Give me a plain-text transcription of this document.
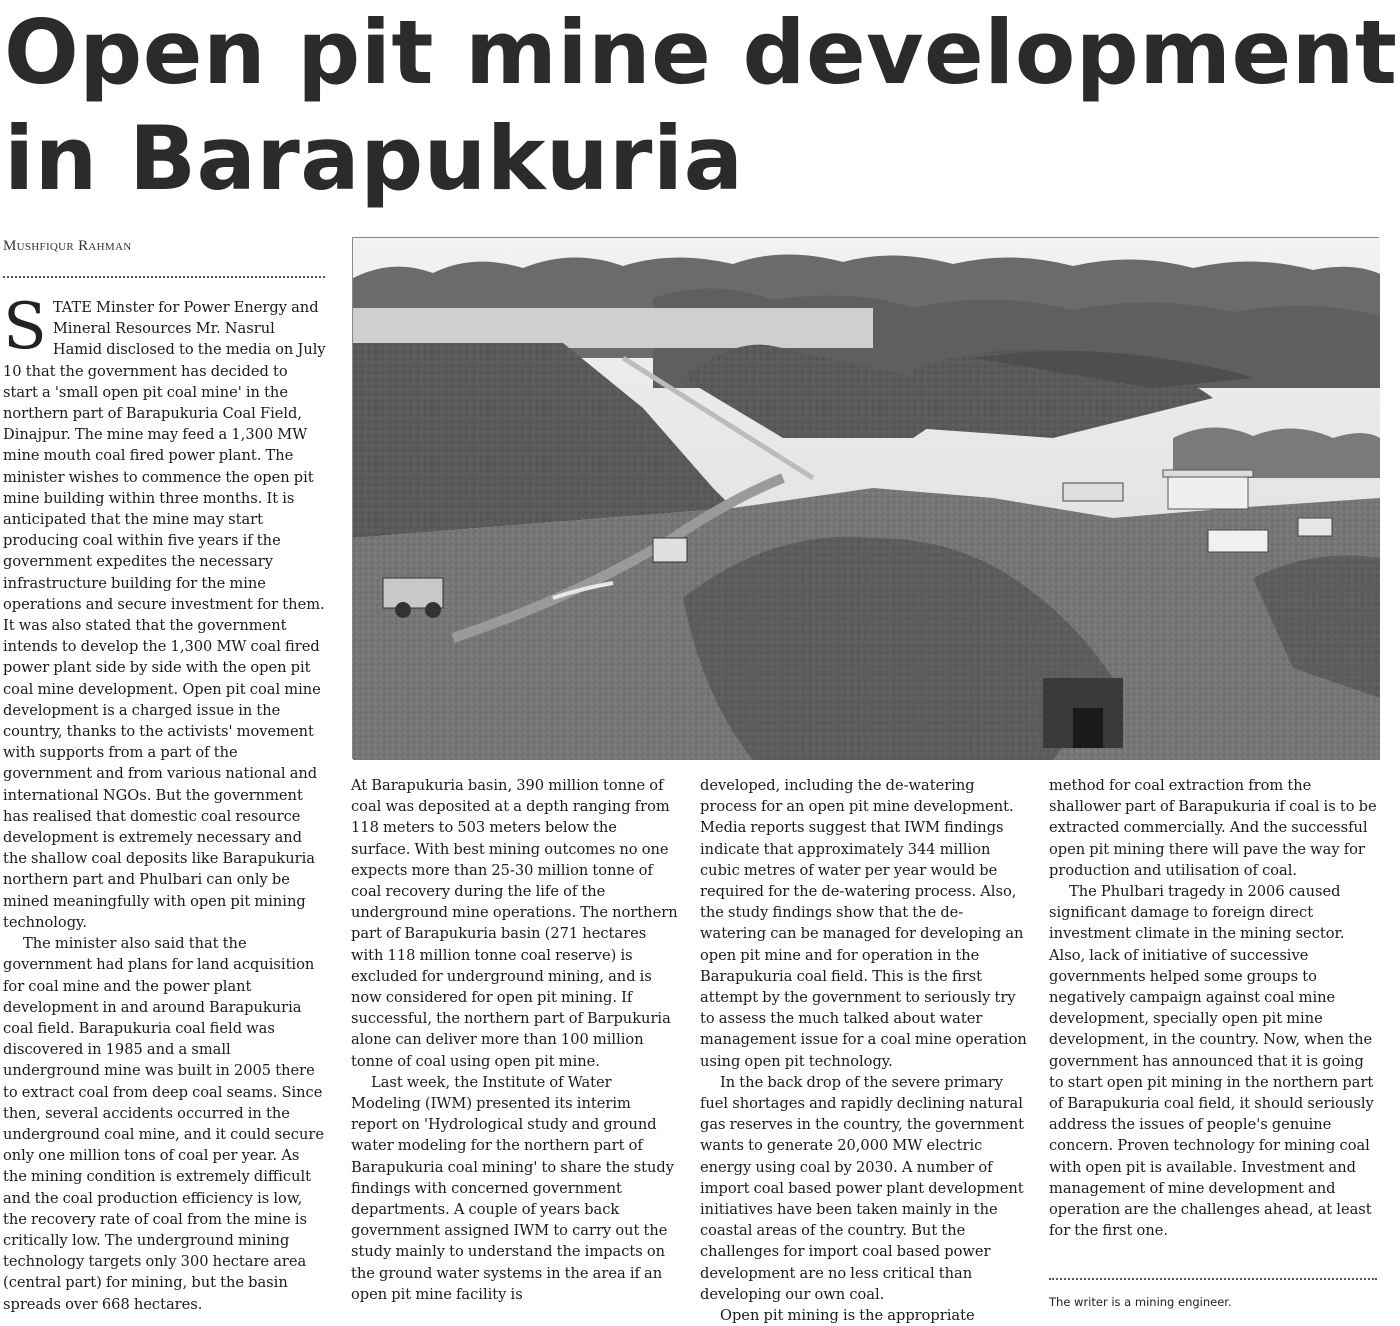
Open pit mine development
in Barapukuria
Mushfiqur Rahman

STATE Minster for Power Energy and Mineral Resources Mr. Nasrul Hamid disclosed to the media on July 10 that the government has decided to start a 'small open pit coal mine' in the northern part of Barapukuria Coal Field, Dinajpur. The mine may feed a 1,300 MW mine mouth coal fired power plant. The minister wishes to commence the open pit mine building within three months. It is anticipated that the mine may start producing coal within five years if the government expedites the necessary infrastructure building for the mine operations and secure investment for them. It was also stated that the government intends to develop the 1,300 MW coal fired power plant side by side with the open pit coal mine development. Open pit coal mine development is a charged issue in the country, thanks to the activists' movement with supports from a part of the government and from various national and international NGOs. But the government has realised that domestic coal resource development is extremely necessary and the shallow coal deposits like Barapukuria northern part and Phulbari can only be mined meaningfully with open pit mining technology.

The minister also said that the government had plans for land acquisition for coal mine and the power plant development in and around Barapukuria coal field. Barapukuria coal field was discovered in 1985 and a small underground mine was built in 2005 there to extract coal from deep coal seams. Since then, several accidents occurred in the underground coal mine, and it could secure only one million tons of coal per year. As the mining condition is extremely difficult and the coal production efficiency is low, the recovery rate of coal from the mine is critically low. The underground mining technology targets only 300 hectare area (central part) for mining, but the basin spreads over 668 hectares.

At Barapukuria basin, 390 million tonne of coal was deposited at a depth ranging from 118 meters to 503 meters below the surface. With best mining outcomes no one expects more than 25-30 million tonne of coal recovery during the life of the underground mine operations. The northern part of Barapukuria basin (271 hectares with 118 million tonne coal reserve) is excluded for underground mining, and is now considered for open pit mining. If successful, the northern part of Barpukuria alone can deliver more than 100 million tonne of coal using open pit mine.

Last week, the Institute of Water Modeling (IWM) presented its interim report on 'Hydrological study and ground water modeling for the northern part of Barapukuria coal mining' to share the study findings with concerned government departments. A couple of years back government assigned IWM to carry out the study mainly to understand the impacts on the ground water systems in the area if an open pit mine facility is

developed, including the de-watering process for an open pit mine development. Media reports suggest that IWM findings indicate that approximately 344 million cubic metres of water per year would be required for the de-watering process. Also, the study findings show that the de-watering can be managed for developing an open pit mine and for operation in the Barapukuria coal field. This is the first attempt by the government to seriously try to assess the much talked about water management issue for a coal mine operation using open pit technology.

In the back drop of the severe primary fuel shortages and rapidly declining natural gas reserves in the country, the government wants to generate 20,000 MW electric energy using coal by 2030. A number of import coal based power plant development initiatives have been taken mainly in the coastal areas of the country. But the challenges for import coal based power development are no less critical than developing our own coal.

Open pit mining is the appropriate

method for coal extraction from the shallower part of Barapukuria if coal is to be extracted commercially. And the successful open pit mining there will pave the way for production and utilisation of coal.

The Phulbari tragedy in 2006 caused significant damage to foreign direct investment climate in the mining sector. Also, lack of initiative of successive governments helped some groups to negatively campaign against coal mine development, specially open pit mine development, in the country. Now, when the government has announced that it is going to start open pit mining in the northern part of Barapukuria coal field, it should seriously address the issues of people's genuine concern. Proven technology for mining coal with open pit is available. Investment and management of mine development and operation are the challenges ahead, at least for the first one.

The writer is a mining engineer.
